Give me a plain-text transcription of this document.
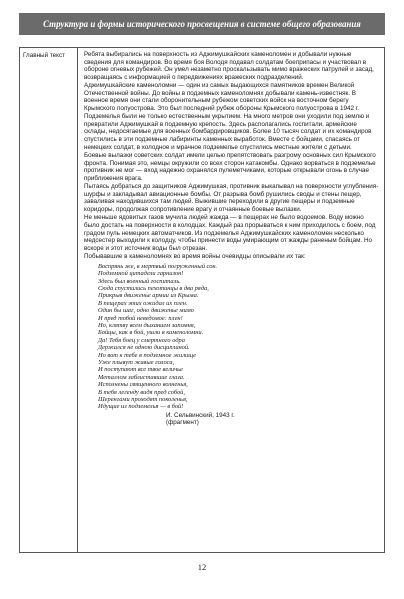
Структура и формы исторического просвещения в системе общего образования
Главный текст	Ребята выбирались на поверхность из Аджимушкайских каменоломен и добывали нужные сведения для командиров. Во время боя Володя подавал солдатам боеприпасы и участвовал в обороне огневых рубежей. Он умел незаметно проскальзывать мимо вражеских патрулей и засад, возвращаясь с информацией о передвижениях вражеских подразделений.

Аджимушкайские каменоломни — один из самых выдающихся памятников времен Великой Отечественной войны. До войны в подземных каменоломнях добывали камень-известняк. В военное время они стали оборонительным рубежом советских войск на восточном берегу Крымского полуострова. Это был последний рубеж обороны Крымского полуострова в 1942 г.

Подземелья были не только естественным укрытием. На много метров они уходили под землю и превратили Аджимушкай в подземную крепость. Здесь располагались госпитали, армейские склады, недосягаемые для военных бомбардировщиков. Более 10 тысяч солдат и их командиров спустились в эти подземные лабиринты каменных выработок. Вместе с бойцами, спасаясь от немецких солдат, в холодное и мрачное подземелье спустились местные жители с детьми.

Боевые вылазки советских солдат имели целью препятствовать разгрому основных сил Крымского фронта. Понимая это, немцы окружили со всех сторон катакомбы. Однако ворваться в подземелье противник не мог — вход надежно охранялся пулеметчиками, которые открывали огонь в случае приближения врага.

Пытаясь добраться до защитников Аджимушкая, противник выкапывал на поверхности углубления-шурфы и закладывал авиационные бомбы. От разрыва бомб рушились своды и стены пещер, заваливая находившихся там людей. Выжившие переходили в другие пещеры и подземные коридоры, продолжая сопротивление врагу и отчаянные боевые вылазки.

Не меньше ядовитых газов мучила людей жажда — в пещерах не было водоемов. Воду можно было достать на поверхности в колодцах. Каждый раз прорываться к ним приходилось с боем, под градом пуль немецких автоматчиков. Из подземелья Аджимушкайских каменоломен несколько медсестер выходили к колодцу, чтобы принести воды умирающим от жажды раненым бойцам. Но вскоре и этот источник воды был отрезан.

Побывавшие в каменоломнях во время войны очевидцы описывали их так:

Воспрянь же, в мертвый погруженный сон.
Подземной цитадели гарнизон!
Здесь был военный госпиталь.
Сюда спустились пехотинцы в два ряда,
Прикрыв движенье армии из Крыма.
В пещерах этих ожидал их плен.
Один бы шаг, одно движенье мимо
И пред тобой неведомое: плен!
Но, клятву всем дыханием запомня,
Бойцы, как в бой, ушли в каменоломни.
Да! Тебя боец у смертного одра
Держался не одною дисциплиной.
Но вот к тебе в подземное жилище
Уже плывут живые голоса,
И поступают все твое величье
Металлом заблиставшие глаза.
Исполнены священного волненья,
В тебя легенду видя пред собой,
Шеренгами проходят поколенья,
Идущие из подземелья — в бой!
И. Сельвинский, 1943 г.
(фрагмент)
12
